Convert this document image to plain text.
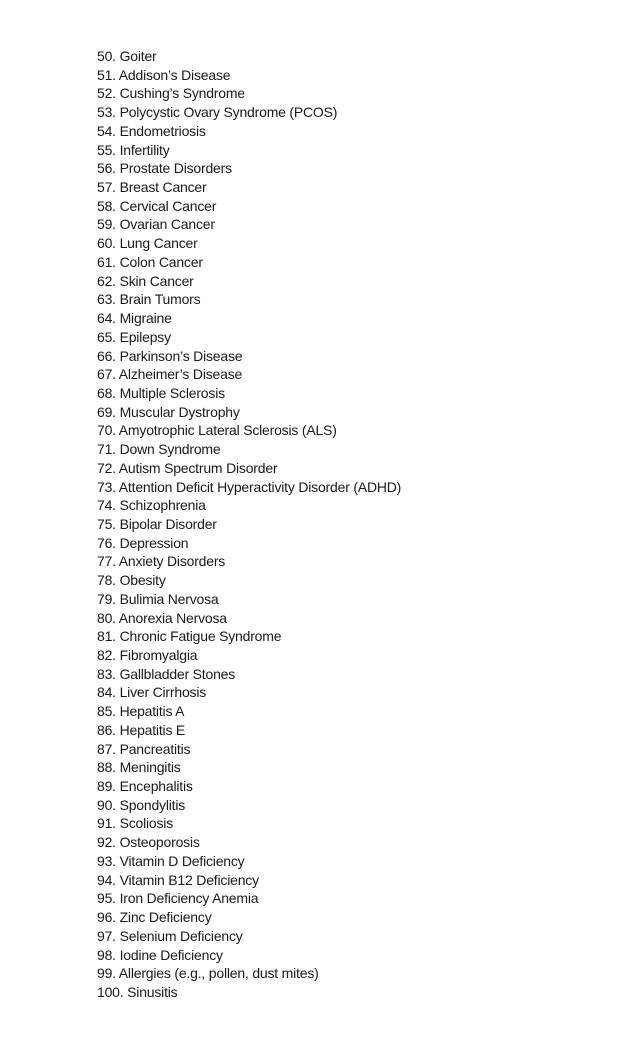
50. Goiter
51. Addison’s Disease
52. Cushing’s Syndrome
53. Polycystic Ovary Syndrome (PCOS)
54. Endometriosis
55. Infertility
56. Prostate Disorders
57. Breast Cancer
58. Cervical Cancer
59. Ovarian Cancer
60. Lung Cancer
61. Colon Cancer
62. Skin Cancer
63. Brain Tumors
64. Migraine
65. Epilepsy
66. Parkinson’s Disease
67. Alzheimer’s Disease
68. Multiple Sclerosis
69. Muscular Dystrophy
70. Amyotrophic Lateral Sclerosis (ALS)
71. Down Syndrome
72. Autism Spectrum Disorder
73. Attention Deficit Hyperactivity Disorder (ADHD)
74. Schizophrenia
75. Bipolar Disorder
76. Depression
77. Anxiety Disorders
78. Obesity
79. Bulimia Nervosa
80. Anorexia Nervosa
81. Chronic Fatigue Syndrome
82. Fibromyalgia
83. Gallbladder Stones
84. Liver Cirrhosis
85. Hepatitis A
86. Hepatitis E
87. Pancreatitis
88. Meningitis
89. Encephalitis
90. Spondylitis
91. Scoliosis
92. Osteoporosis
93. Vitamin D Deficiency
94. Vitamin B12 Deficiency
95. Iron Deficiency Anemia
96. Zinc Deficiency
97. Selenium Deficiency
98. Iodine Deficiency
99. Allergies (e.g., pollen, dust mites)
100. Sinusitis
